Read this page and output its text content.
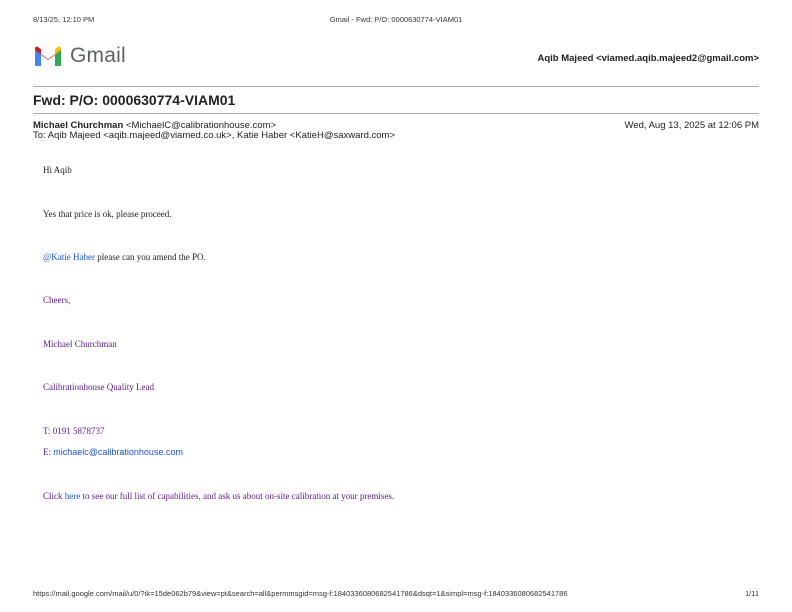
8/13/25, 12:10 PM	Gmail - Fwd: P/O: 0000630774-VIAM01
Gmail	Aqib Majeed <viamed.aqib.majeed2@gmail.com>
Fwd: P/O: 0000630774-VIAM01
Michael Churchman <MichaelC@calibrationhouse.com>	Wed, Aug 13, 2025 at 12:06 PM
To: Aqib Majeed <aqib.majeed@viamed.co.uk>, Katie Haber <KatieH@saxward.com>
Hi Aqib
Yes that price is ok, please proceed.
@Katie Haber please can you amend the PO.
Cheers,
Michael Churchman
Calibrationhouse Quality Lead
T: 0191 5878737
E: michaelc@calibrationhouse.com
Click here to see our full list of capabilities, and ask us about on-site calibration at your premises.
https://mail.google.com/mail/u/0/?ik=15de062b79&view=pt&search=all&permmsgid=msg-f:1840336080682541786&dsqt=1&simpl=msg-f:1840336080682541786	1/11
